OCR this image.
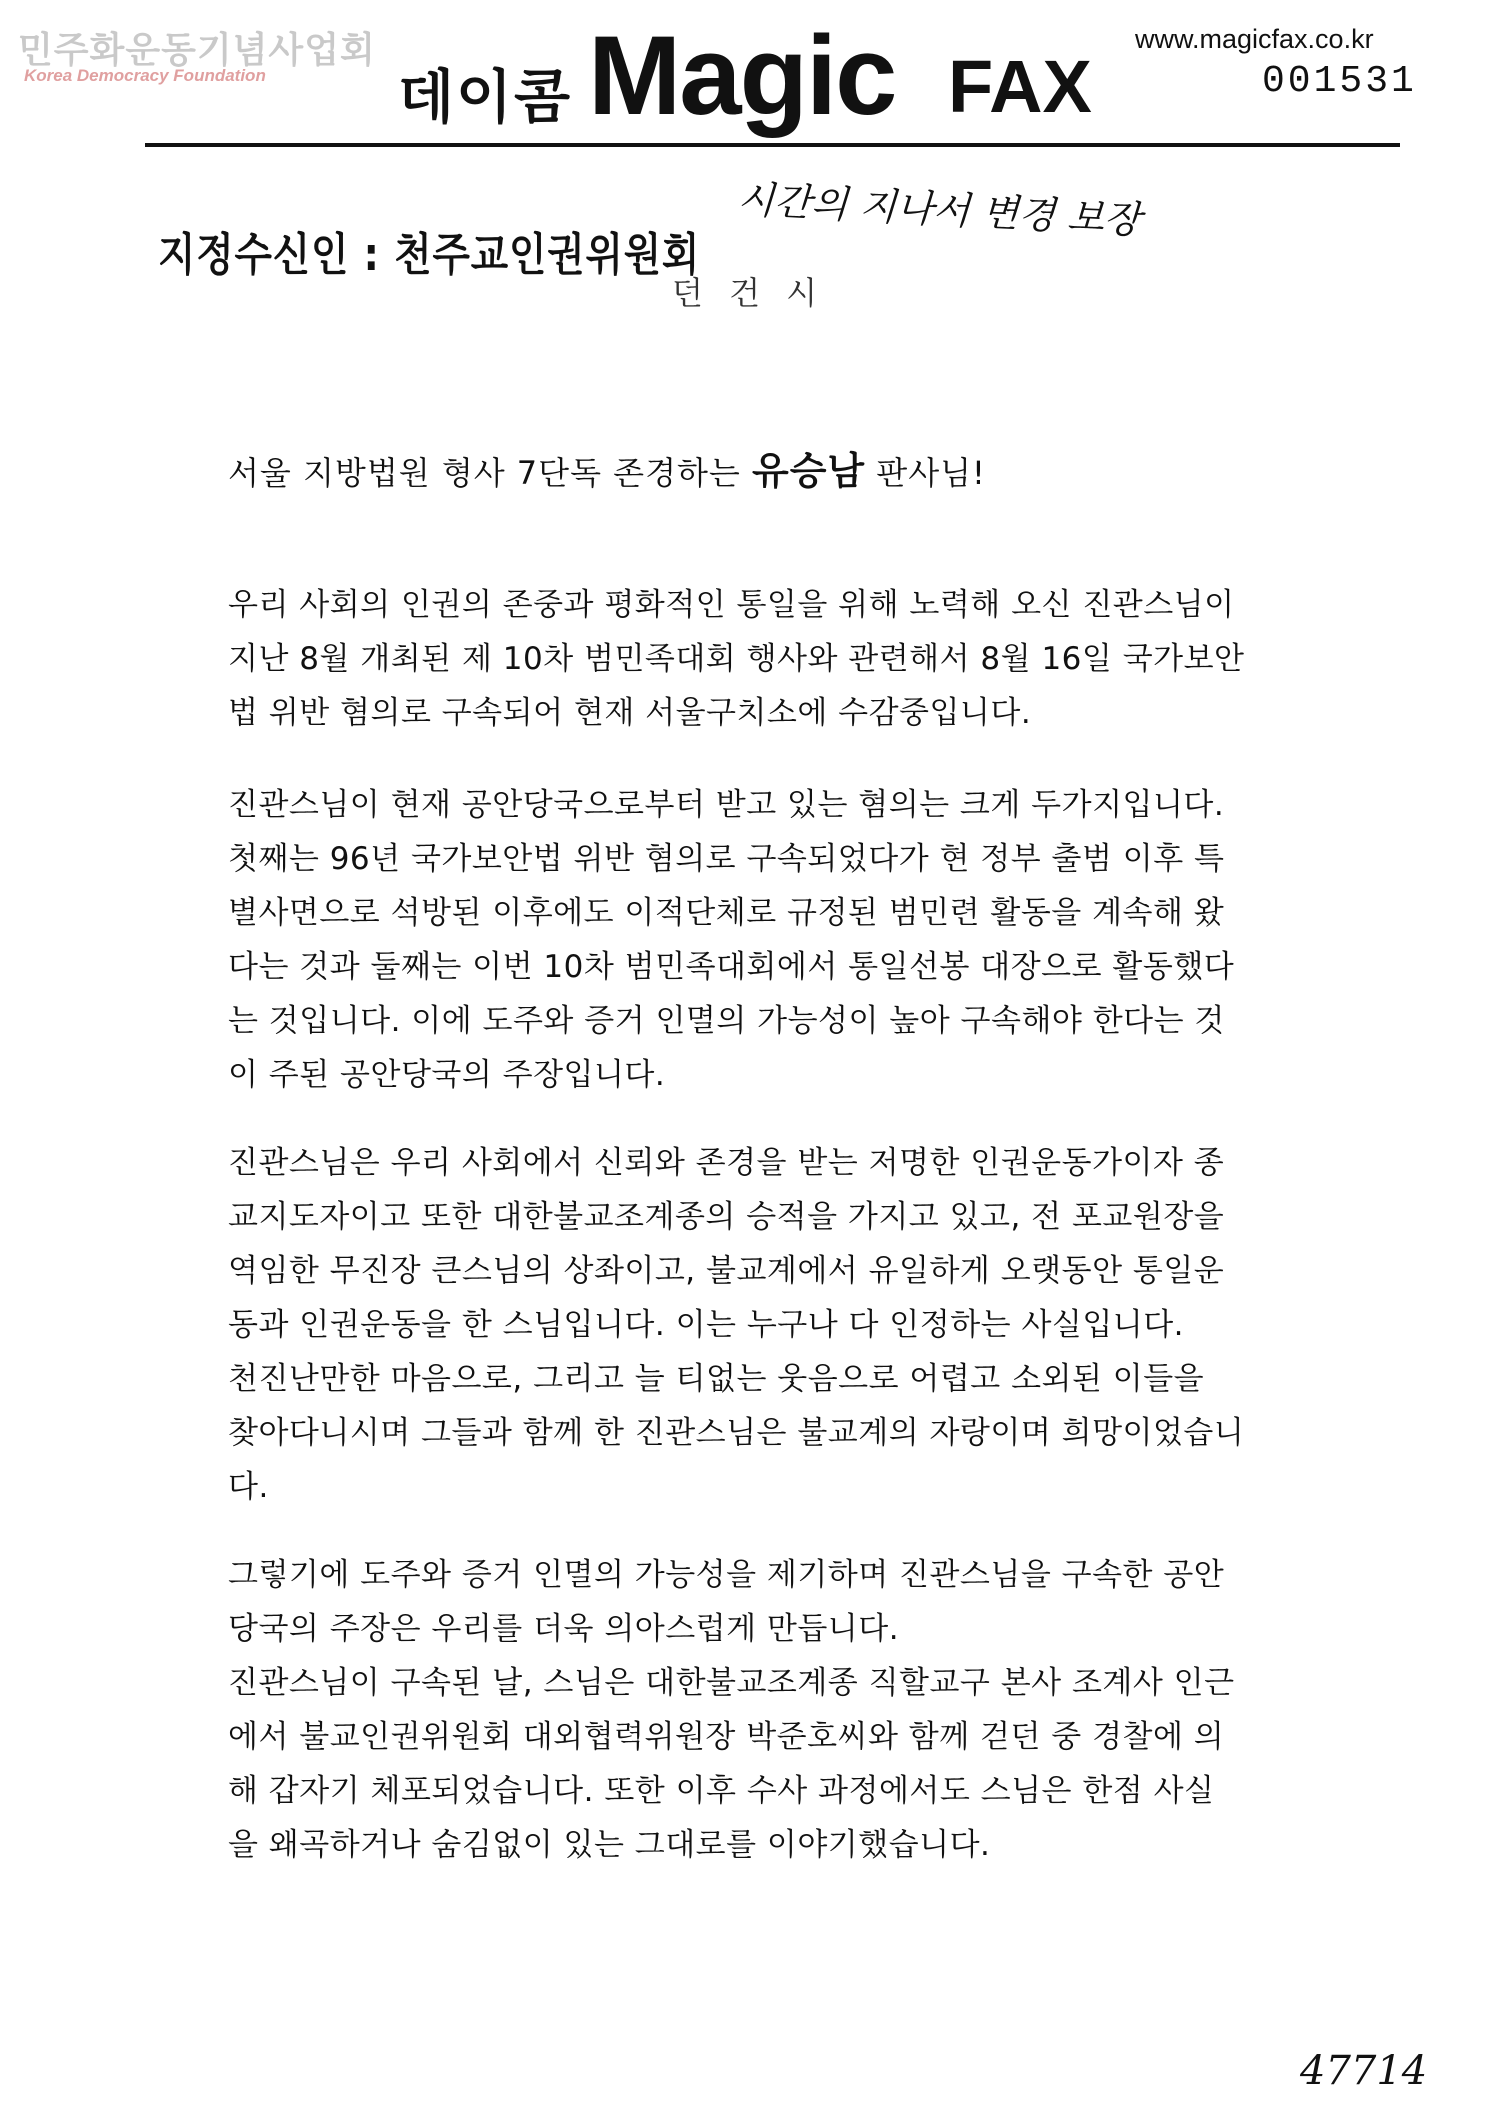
민주화운동기념사업회
Korea Democracy Foundation 데이콤 Magic FAX
www.magicfax.co.kr
001531
지정수신인 : 천주교인권위원회
시간의 지나서 변경 보장
던 건 시
서울 지방법원 형사 7단독 존경하는 유승남 판사님!
우리 사회의 인권의 존중과 평화적인 통일을 위해 노력해 오신 진관스님이
지난 8월 개최된 제 10차 범민족대회 행사와 관련해서 8월 16일 국가보안
법 위반 혐의로 구속되어 현재 서울구치소에 수감중입니다.
진관스님이 현재 공안당국으로부터 받고 있는 혐의는 크게 두가지입니다.
첫째는 96년 국가보안법 위반 혐의로 구속되었다가 현 정부 출범 이후 특
별사면으로 석방된 이후에도 이적단체로 규정된 범민련 활동을 계속해 왔
다는 것과 둘째는 이번 10차 범민족대회에서 통일선봉 대장으로 활동했다
는 것입니다. 이에 도주와 증거 인멸의 가능성이 높아 구속해야 한다는 것
이 주된 공안당국의 주장입니다.
진관스님은 우리 사회에서 신뢰와 존경을 받는 저명한 인권운동가이자 종
교지도자이고 또한 대한불교조계종의 승적을 가지고 있고, 전 포교원장을
역임한 무진장 큰스님의 상좌이고, 불교계에서 유일하게 오랫동안 통일운
동과 인권운동을 한 스님입니다. 이는 누구나 다 인정하는 사실입니다.
천진난만한 마음으로, 그리고 늘 티없는 웃음으로 어렵고 소외된 이들을
찾아다니시며 그들과 함께 한 진관스님은 불교계의 자랑이며 희망이었습니
다.
그렇기에 도주와 증거 인멸의 가능성을 제기하며 진관스님을 구속한 공안
당국의 주장은 우리를 더욱 의아스럽게 만듭니다.
진관스님이 구속된 날, 스님은 대한불교조계종 직할교구 본사 조계사 인근
에서 불교인권위원회 대외협력위원장 박준호씨와 함께 걷던 중 경찰에 의
해 갑자기 체포되었습니다. 또한 이후 수사 과정에서도 스님은 한점 사실
을 왜곡하거나 숨김없이 있는 그대로를 이야기했습니다.
47714
